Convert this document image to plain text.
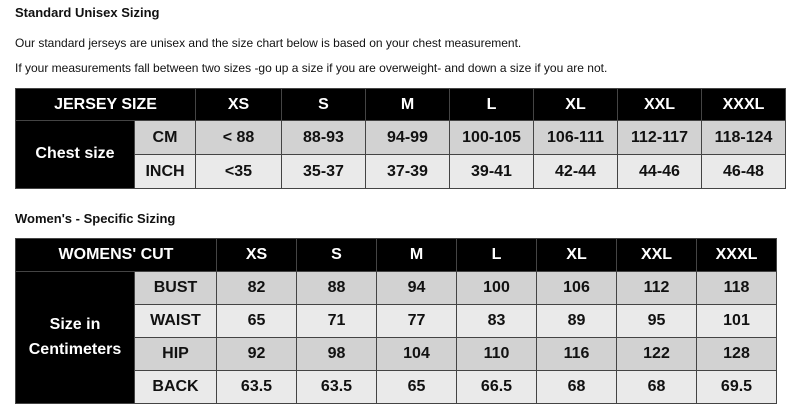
Standard Unisex Sizing
Our standard jerseys are unisex and the size chart below is based on your chest measurement.
If your measurements fall between two sizes -go up a size if you are overweight- and down a size if you are not.
JERSEY SIZE		XS	S	M	L	XL	XXL	XXXL
Chest size	CM	< 88	88-93	94-99	100-105	106-111	112-117	118-124
	INCH	<35	35-37	37-39	39-41	42-44	44-46	46-48
Women's - Specific Sizing
WOMENS' CUT		XS	S	M	L	XL	XXL	XXXL

Size in
Centimeters	BUST	82	88	94	100	106	112	118
	WAIST	65	71	77	83	89	95	101
	HIP	92	98	104	110	116	122	128
	BACK	63.5	63.5	65	66.5	68	68	69.5
